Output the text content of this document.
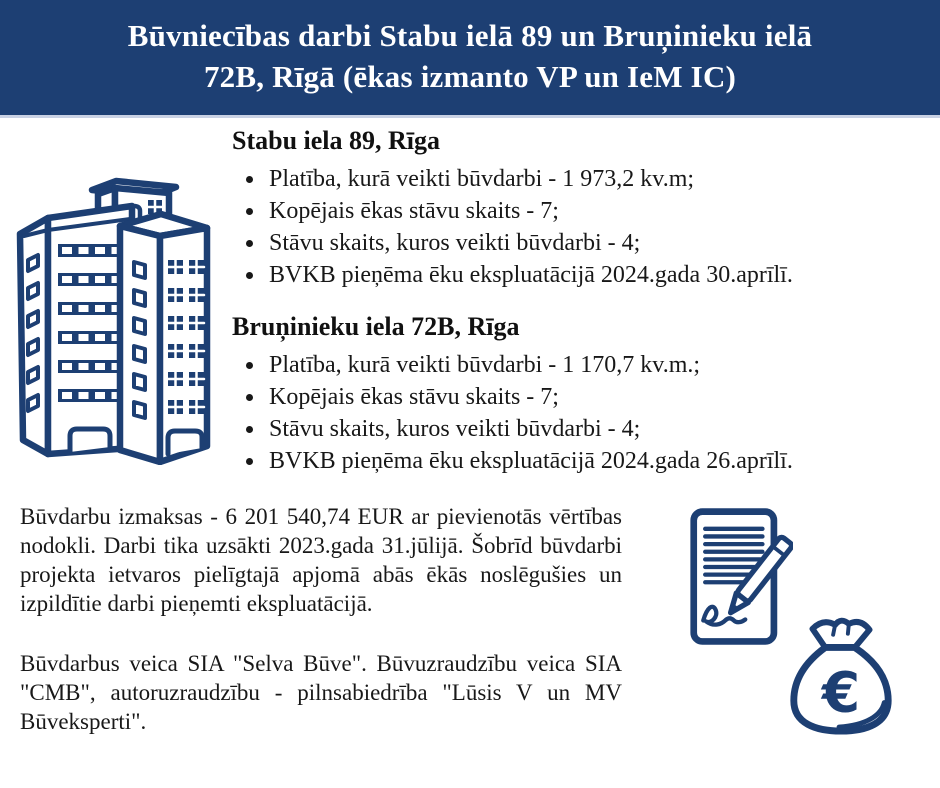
Būvniecības darbi Stabu ielā 89 un Bruņinieku ielā
72B, Rīgā (ēkas izmanto VP un IeM IC)
Stabu iela 89, Rīga
• Platība, kurā veikti būvdarbi - 1 973,2 kv.m;
• Kopējais ēkas stāvu skaits - 7;
• Stāvu skaits, kuros veikti būvdarbi - 4;
• BVKB pieņēma ēku ekspluatācijā 2024.gada 30.aprīlī.
Bruņinieku iela 72B, Rīga
• Platība, kurā veikti būvdarbi - 1 170,7 kv.m.;
• Kopējais ēkas stāvu skaits - 7;
• Stāvu skaits, kuros veikti būvdarbi - 4;
• BVKB pieņēma ēku ekspluatācijā 2024.gada 26.aprīlī.

Būvdarbu izmaksas - 6 201 540,74 EUR ar pievienotās vērtības nodokli. Darbi tika uzsākti 2023.gada 31.jūlijā. Šobrīd būvdarbi projekta ietvaros pielīgtajā apjomā abās ēkās noslēgušies un izpildītie darbi pieņemti ekspluatācijā.

Būvdarbus veica SIA "Selva Būve". Būvuzraudzību veica SIA "CMB", autoruzraudzību - pilnsabiedrība "Lūsis V un MV Būveksperti".	€
